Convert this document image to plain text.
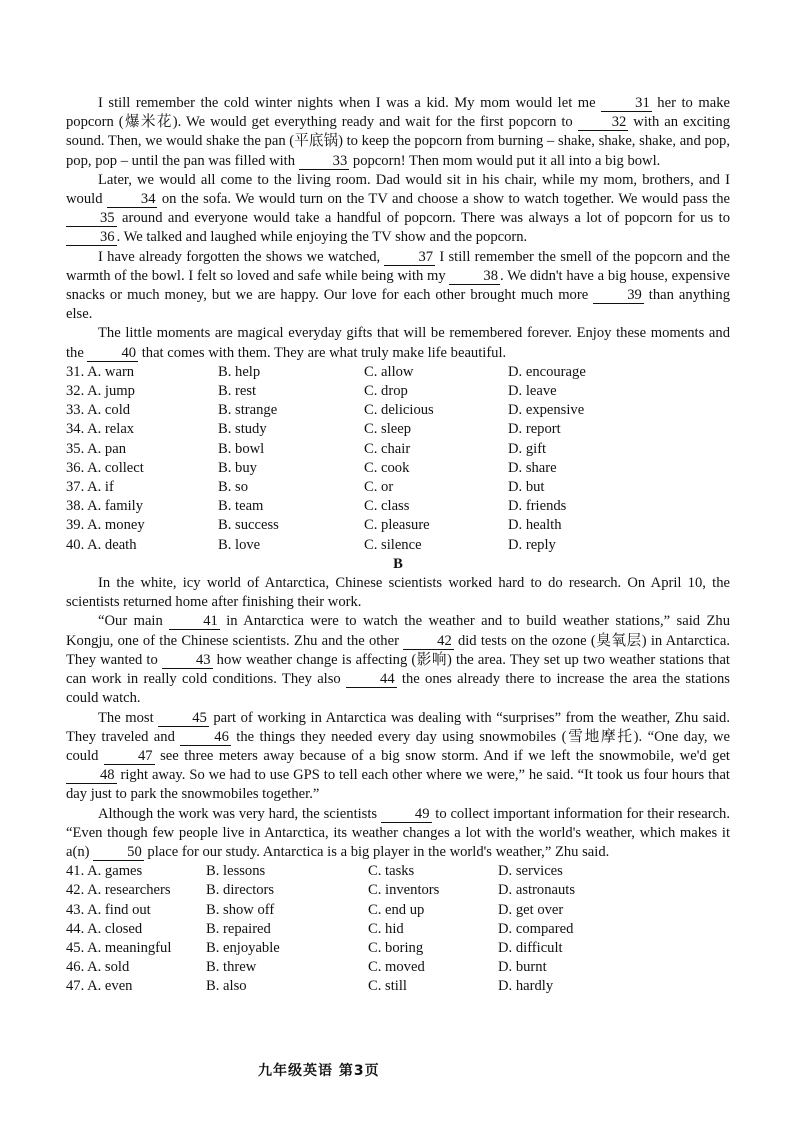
I still remember the cold winter nights when I was a kid. My mom would let me 31 her to make popcorn (爆米花). We would get everything ready and wait for the first popcorn to 32 with an exciting sound. Then, we would shake the pan (平底锅) to keep the popcorn from burning – shake, shake, shake, and pop, pop, pop – until the pan was filled with 33 popcorn! Then mom would put it all into a big bowl.

Later, we would all come to the living room. Dad would sit in his chair, while my mom, brothers, and I would 34 on the sofa. We would turn on the TV and choose a show to watch together. We would pass the 35 around and everyone would take a handful of popcorn. There was always a lot of popcorn for us to 36 . We talked and laughed while enjoying the TV show and the popcorn.

I have already forgotten the shows we watched, 37 I still remember the smell of the popcorn and the warmth of the bowl. I felt so loved and safe while being with my 38 . We didn't have a big house, expensive snacks or much money, but we are happy. Our love for each other brought much more 39 than anything else.

The little moments are magical everyday gifts that will be remembered forever. Enjoy these moments and the 40 that comes with them. They are what truly make life beautiful.

31. A. warn	B. help	C. allow	D. encourage
32. A. jump	B. rest	C. drop	D. leave
33. A. cold	B. strange	C. delicious	D. expensive
34. A. relax	B. study	C. sleep	D. report
35. A. pan	B. bowl	C. chair	D. gift
36. A. collect	B. buy	C. cook	D. share
37. A. if	B. so	C. or	D. but
38. A. family	B. team	C. class	D. friends
39. A. money	B. success	C. pleasure	D. health
40. A. death	B. love	C. silence	D. reply

B

In the white, icy world of Antarctica, Chinese scientists worked hard to do research. On April 10, the scientists returned home after finishing their work.

“Our main 41 in Antarctica were to watch the weather and to build weather stations,” said Zhu Kongju, one of the Chinese scientists. Zhu and the other 42 did tests on the ozone (臭氧层) in Antarctica. They wanted to 43 how weather change is affecting (影响) the area. They set up two weather stations that can work in really cold conditions. They also 44 the ones already there to increase the area the stations could watch.

The most 45 part of working in Antarctica was dealing with “surprises” from the weather, Zhu said. They traveled and 46 the things they needed every day using snowmobiles (雪地摩托). “One day, we could 47 see three meters away because of a big snow storm. And if we left the snowmobile, we'd get 48 right away. So we had to use GPS to tell each other where we were,” he said. “It took us four hours that day just to park the snowmobiles together.”

Although the work was very hard, the scientists 49 to collect important information for their research. “Even though few people live in Antarctica, its weather changes a lot with the world's weather, which makes it a(n) 50 place for our study. Antarctica is a big player in the world's weather,” Zhu said.

41. A. games	B. lessons	C. tasks	D. services
42. A. researchers	B. directors	C. inventors	D. astronauts
43. A. find out	B. show off	C. end up	D. get over
44. A. closed	B. repaired	C. hid	D. compared
45. A. meaningful	B. enjoyable	C. boring	D. difficult
46. A. sold	B. threw	C. moved	D. burnt
47. A. even	B. also	C. still	D. hardly
九年级英语 第3页
